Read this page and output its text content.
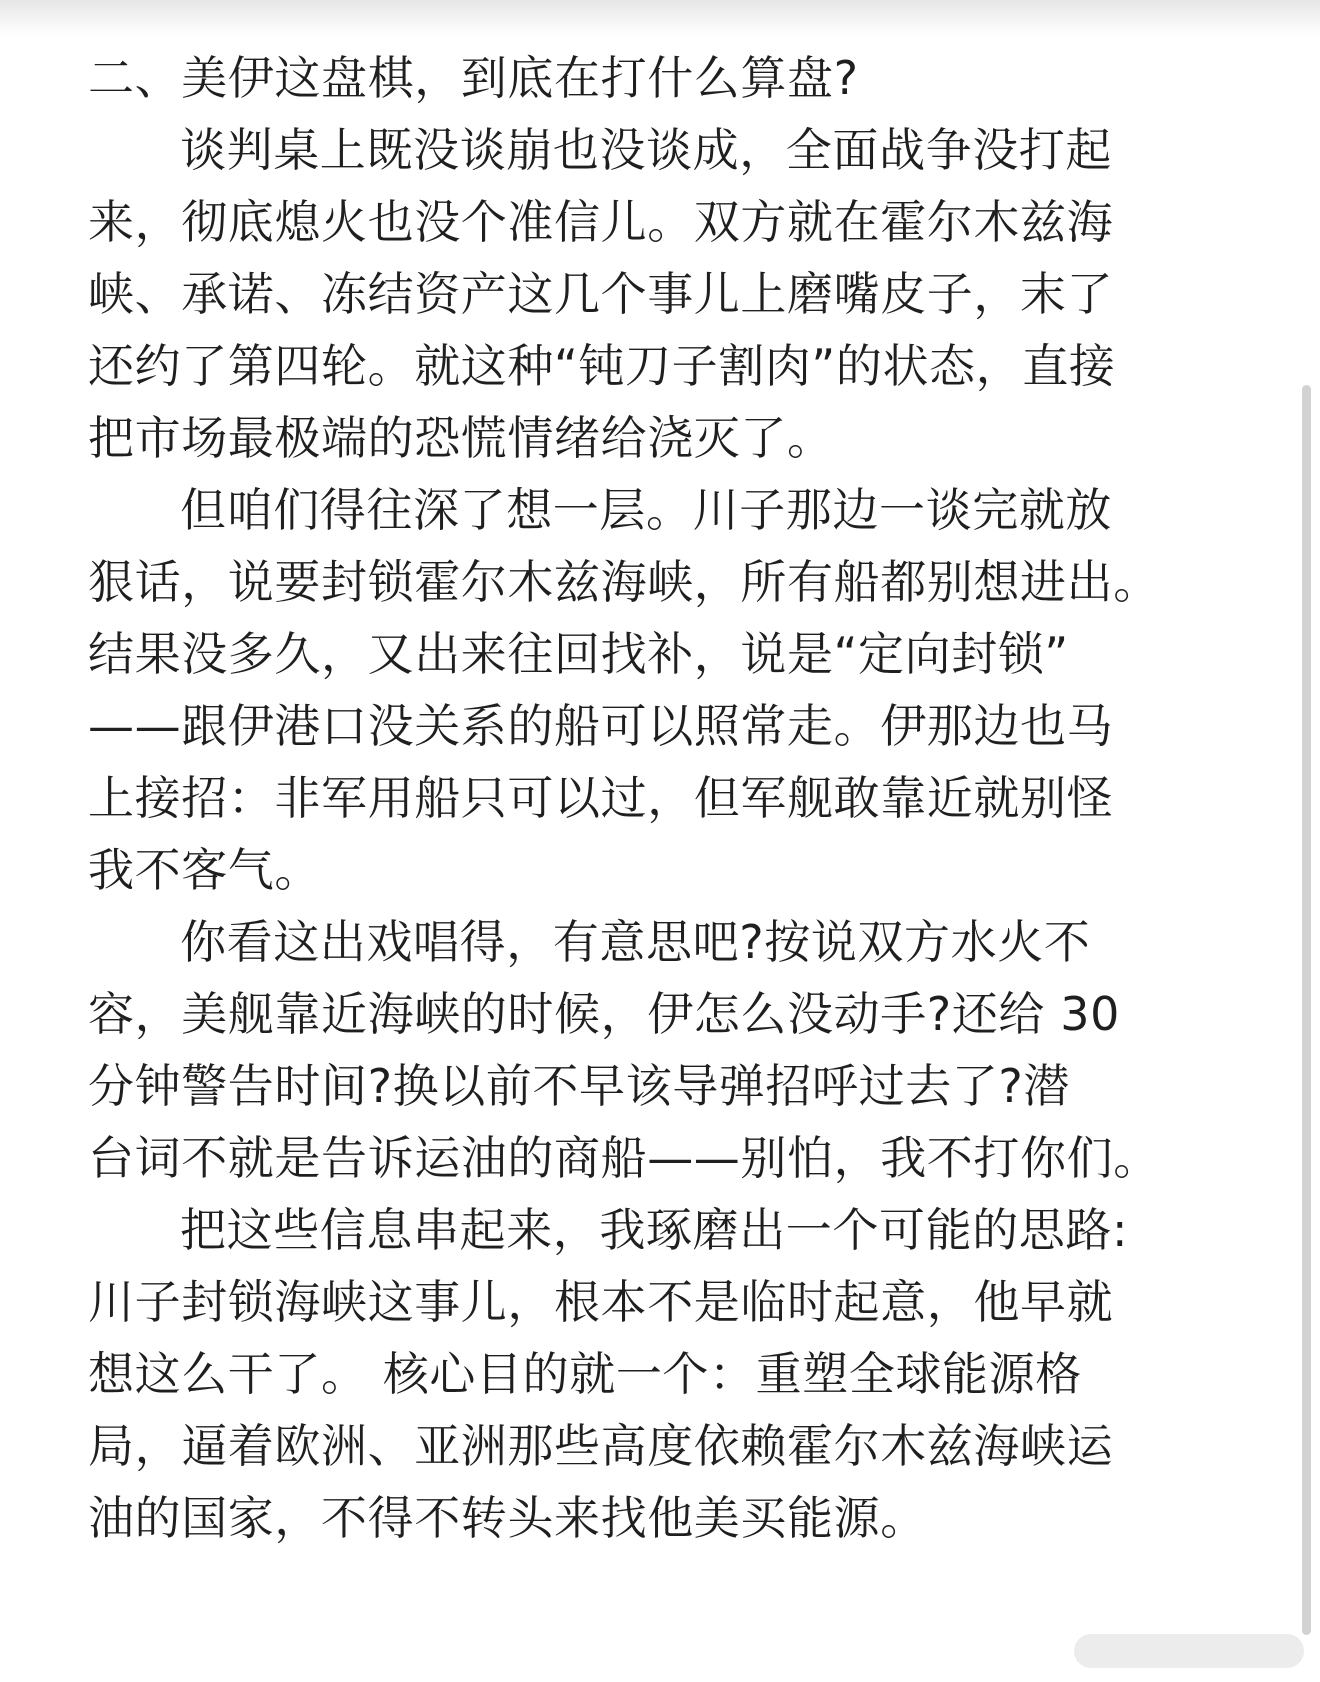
二、美伊这盘棋，到底在打什么算盘?
谈判桌上既没谈崩也没谈成，全面战争没打起
来，彻底熄火也没个准信儿。双方就在霍尔木兹海
峡、承诺、冻结资产这几个事儿上磨嘴皮子，末了
还约了第四轮。就这种“钝刀子割肉”的状态，直接
把市场最极端的恐慌情绪给浇灭了。
但咱们得往深了想一层。川子那边一谈完就放
狠话，说要封锁霍尔木兹海峡，所有船都别想进出。
结果没多久，又出来往回找补，说是“定向封锁”
——跟伊港口没关系的船可以照常走。伊那边也马
上接招：非军用船只可以过，但军舰敢靠近就别怪
我不客气。
你看这出戏唱得，有意思吧?按说双方水火不
容，美舰靠近海峡的时候，伊怎么没动手?还给 30
分钟警告时间?换以前不早该导弹招呼过去了?潜
台词不就是告诉运油的商船——别怕，我不打你们。
把这些信息串起来，我琢磨出一个可能的思路:
川子封锁海峡这事儿，根本不是临时起意，他早就
想这么干了。 核心目的就一个：重塑全球能源格
局，逼着欧洲、亚洲那些高度依赖霍尔木兹海峡运
油的国家，不得不转头来找他美买能源。
